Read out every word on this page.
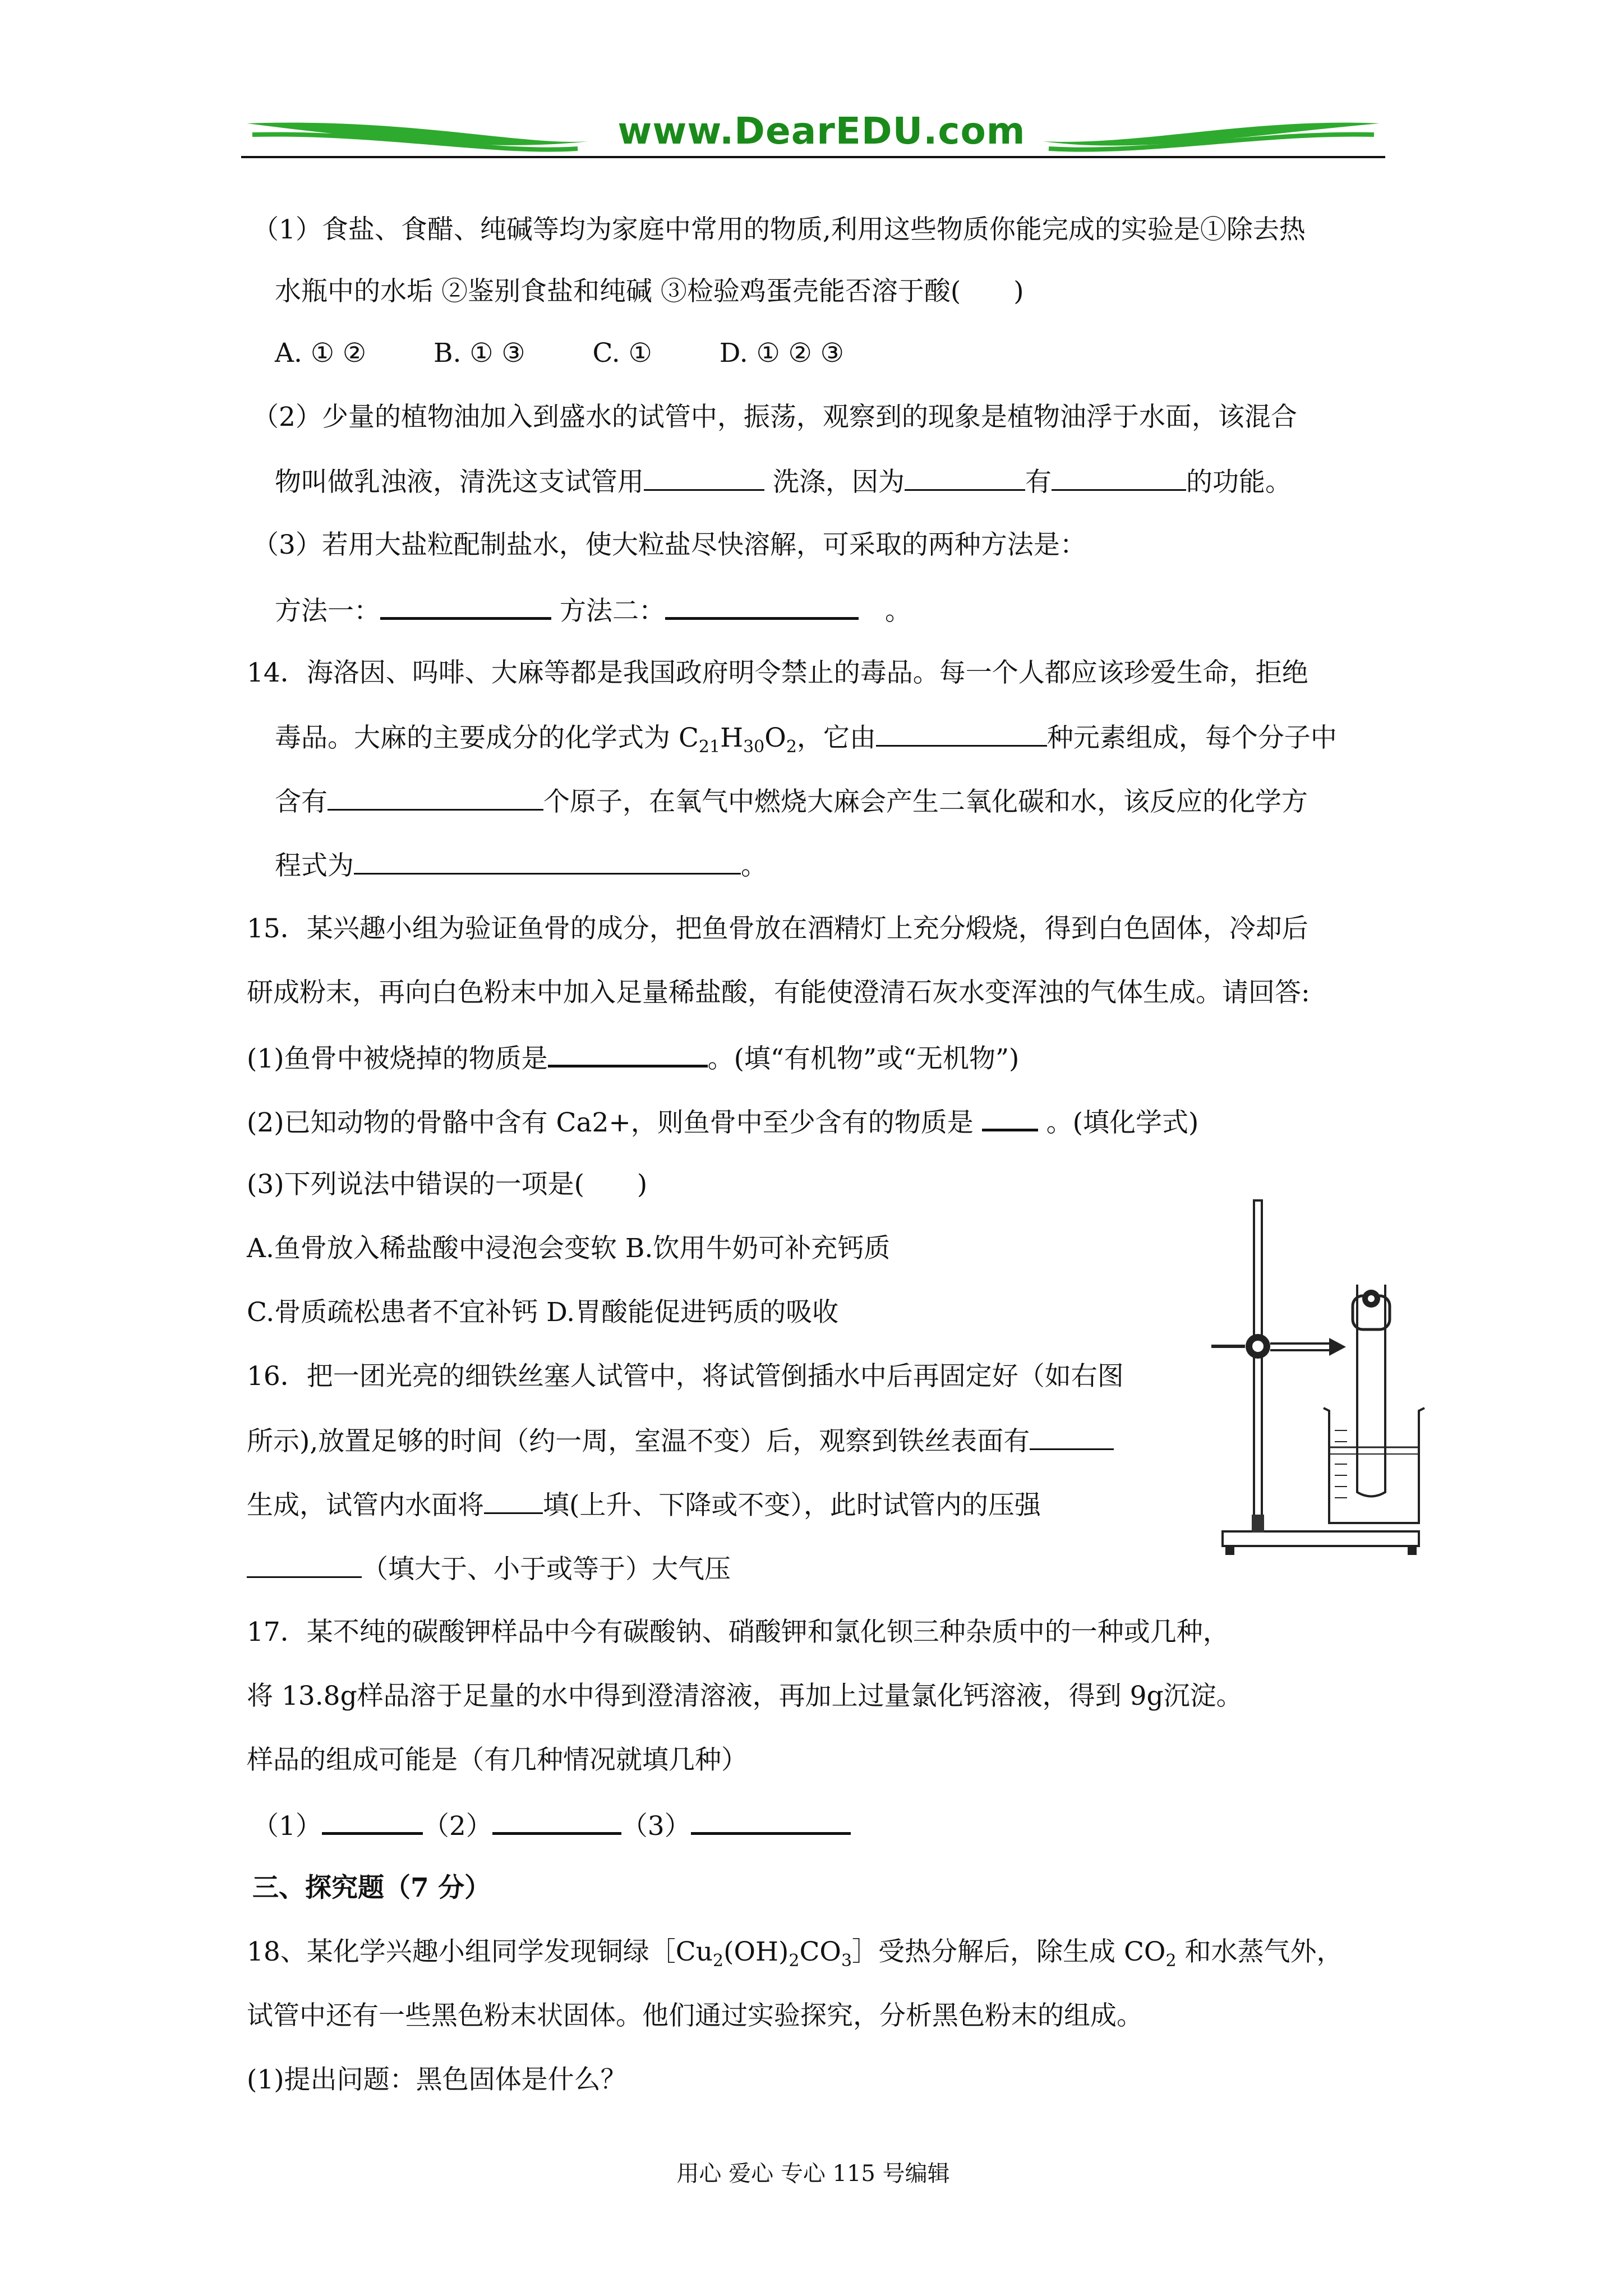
www.DearEDU.com
（1）食盐、食醋、纯碱等均为家庭中常用的物质,利用这些物质你能完成的实验是①除去热
水瓶中的水垢 ②鉴别食盐和纯碱 ③检验鸡蛋壳能否溶于酸(　　)
A. ① ②	B. ① ③	C. ①	D. ① ② ③
（2）少量的植物油加入到盛水的试管中，振荡，观察到的现象是植物油浮于水面，该混合
物叫做乳浊液，清洗这支试管用	洗涤，因为	有	的功能。
（3）若用大盐粒配制盐水，使大粒盐尽快溶解，可采取的两种方法是：
方法一：	方法二：	　。
14．海洛因、吗啡、大麻等都是我国政府明令禁止的毒品。每一个人都应该珍爱生命，拒绝
毒品。大麻的主要成分的化学式为 $C_{21}H_{30}O_2$，它由	种元素组成，每个分子中
含有	个原子，在氧气中燃烧大麻会产生二氧化碳和水，该反应的化学方
程式为	。
15．某兴趣小组为验证鱼骨的成分，把鱼骨放在酒精灯上充分煅烧，得到白色固体，冷却后
研成粉末，再向白色粉末中加入足量稀盐酸，有能使澄清石灰水变浑浊的气体生成。请回答:
(1)鱼骨中被烧掉的物质是	。(填“有机物”或“无机物”)
(2)已知动物的骨骼中含有 Ca2+，则鱼骨中至少含有的物质是  。(填化学式)
(3)下列说法中错误的一项是(　　)
A.鱼骨放入稀盐酸中浸泡会变软 B.饮用牛奶可补充钙质
C.骨质疏松患者不宜补钙 D.胃酸能促进钙质的吸收
16．把一团光亮的细铁丝塞人试管中，将试管倒插水中后再固定好（如右图
所示),放置足够的时间（约一周，室温不变）后，观察到铁丝表面有
生成，试管内水面将 填(上升、下降或不变），此时试管内的压强
（填大于、小于或等于）大气压
17．某不纯的碳酸钾样品中今有碳酸钠、硝酸钾和氯化钡三种杂质中的一种或几种，
将 13.8g样品溶于足量的水中得到澄清溶液，再加上过量氯化钙溶液，得到 9g沉淀。
样品的组成可能是（有几种情况就填几种）
（1）	（2）	（3）
三、探究题（7 分）
18、某化学兴趣小组同学发现铜绿$[Cu_2(OH)_2CO_3]$受热分解后，除生成 $CO_2$ 和水蒸气外，
试管中还有一些黑色粉末状固体。他们通过实验探究，分析黑色粉末的组成。
(1)提出问题：黑色固体是什么？
用心 爱心 专心 115 号编辑
